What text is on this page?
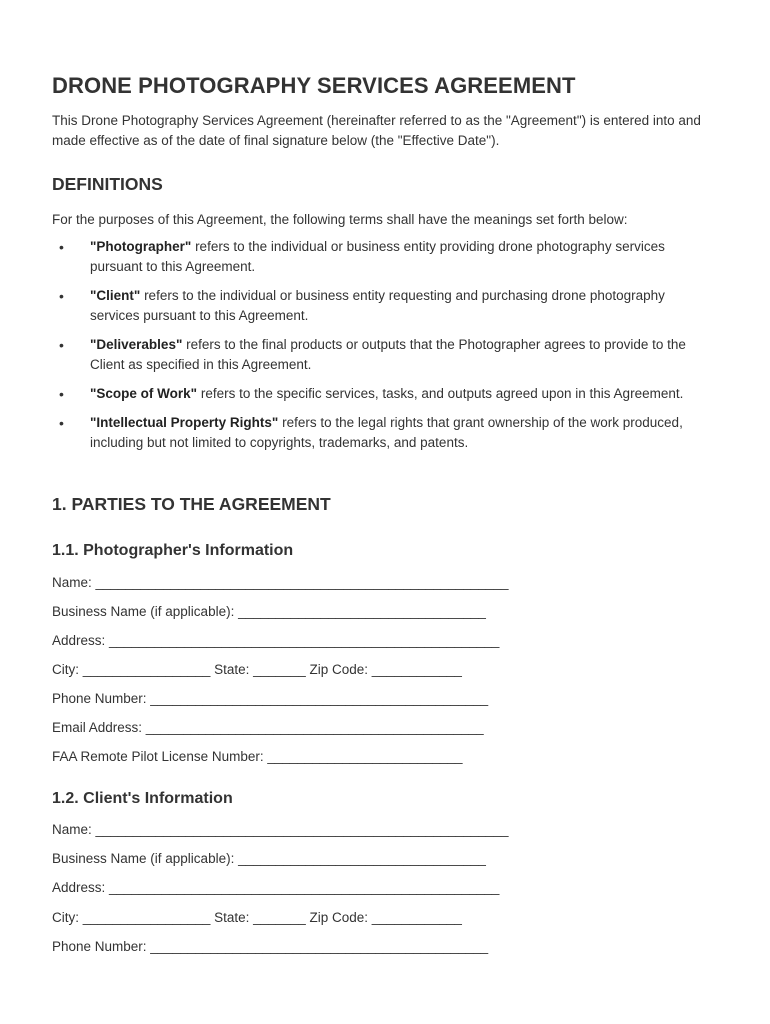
DRONE PHOTOGRAPHY SERVICES AGREEMENT

This Drone Photography Services Agreement (hereinafter referred to as the "Agreement") is entered into and made effective as of the date of final signature below (the "Effective Date").

DEFINITIONS

For the purposes of this Agreement, the following terms shall have the meanings set forth below:

• "Photographer" refers to the individual or business entity providing drone photography services pursuant to this Agreement.
• "Client" refers to the individual or business entity requesting and purchasing drone photography services pursuant to this Agreement.
• "Deliverables" refers to the final products or outputs that the Photographer agrees to provide to the Client as specified in this Agreement.
• "Scope of Work" refers to the specific services, tasks, and outputs agreed upon in this Agreement.
• "Intellectual Property Rights" refers to the legal rights that grant ownership of the work produced, including but not limited to copyrights, trademarks, and patents.
1. PARTIES TO THE AGREEMENT
1.1. Photographer's Information

Name: _______________________________________________________

Business Name (if applicable): _________________________________

Address: ____________________________________________________

City: _________________ State: _______ Zip Code: ____________

Phone Number: _____________________________________________

Email Address: _____________________________________________

FAA Remote Pilot License Number: __________________________

1.2. Client's Information

Name: _______________________________________________________

Business Name (if applicable): _________________________________

Address: ____________________________________________________

City: _________________ State: _______ Zip Code: ____________

Phone Number: _____________________________________________
